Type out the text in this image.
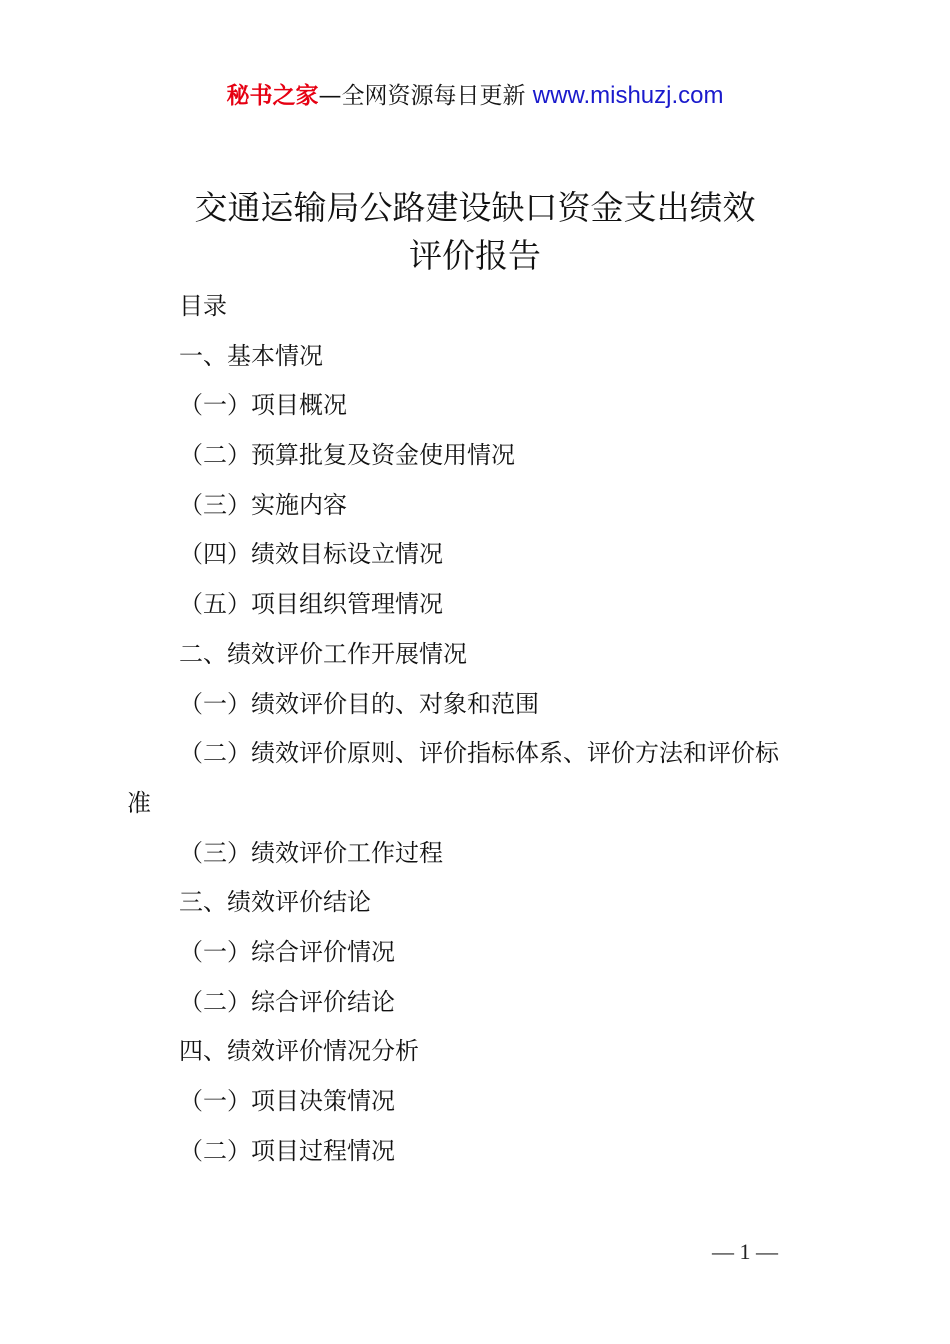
秘书之家—全网资源每日更新 www.mishuzj.com
交通运输局公路建设缺口资金支出绩效
评价报告
目录
一、基本情况
（一）项目概况
（二）预算批复及资金使用情况
（三）实施内容
（四）绩效目标设立情况
（五）项目组织管理情况
二、绩效评价工作开展情况
（一）绩效评价目的、对象和范围
（二）绩效评价原则、评价指标体系、评价方法和评价标
准
（三）绩效评价工作过程
三、绩效评价结论
（一）综合评价情况
（二）综合评价结论
四、绩效评价情况分析
（一）项目决策情况
（二）项目过程情况
— 1 —
